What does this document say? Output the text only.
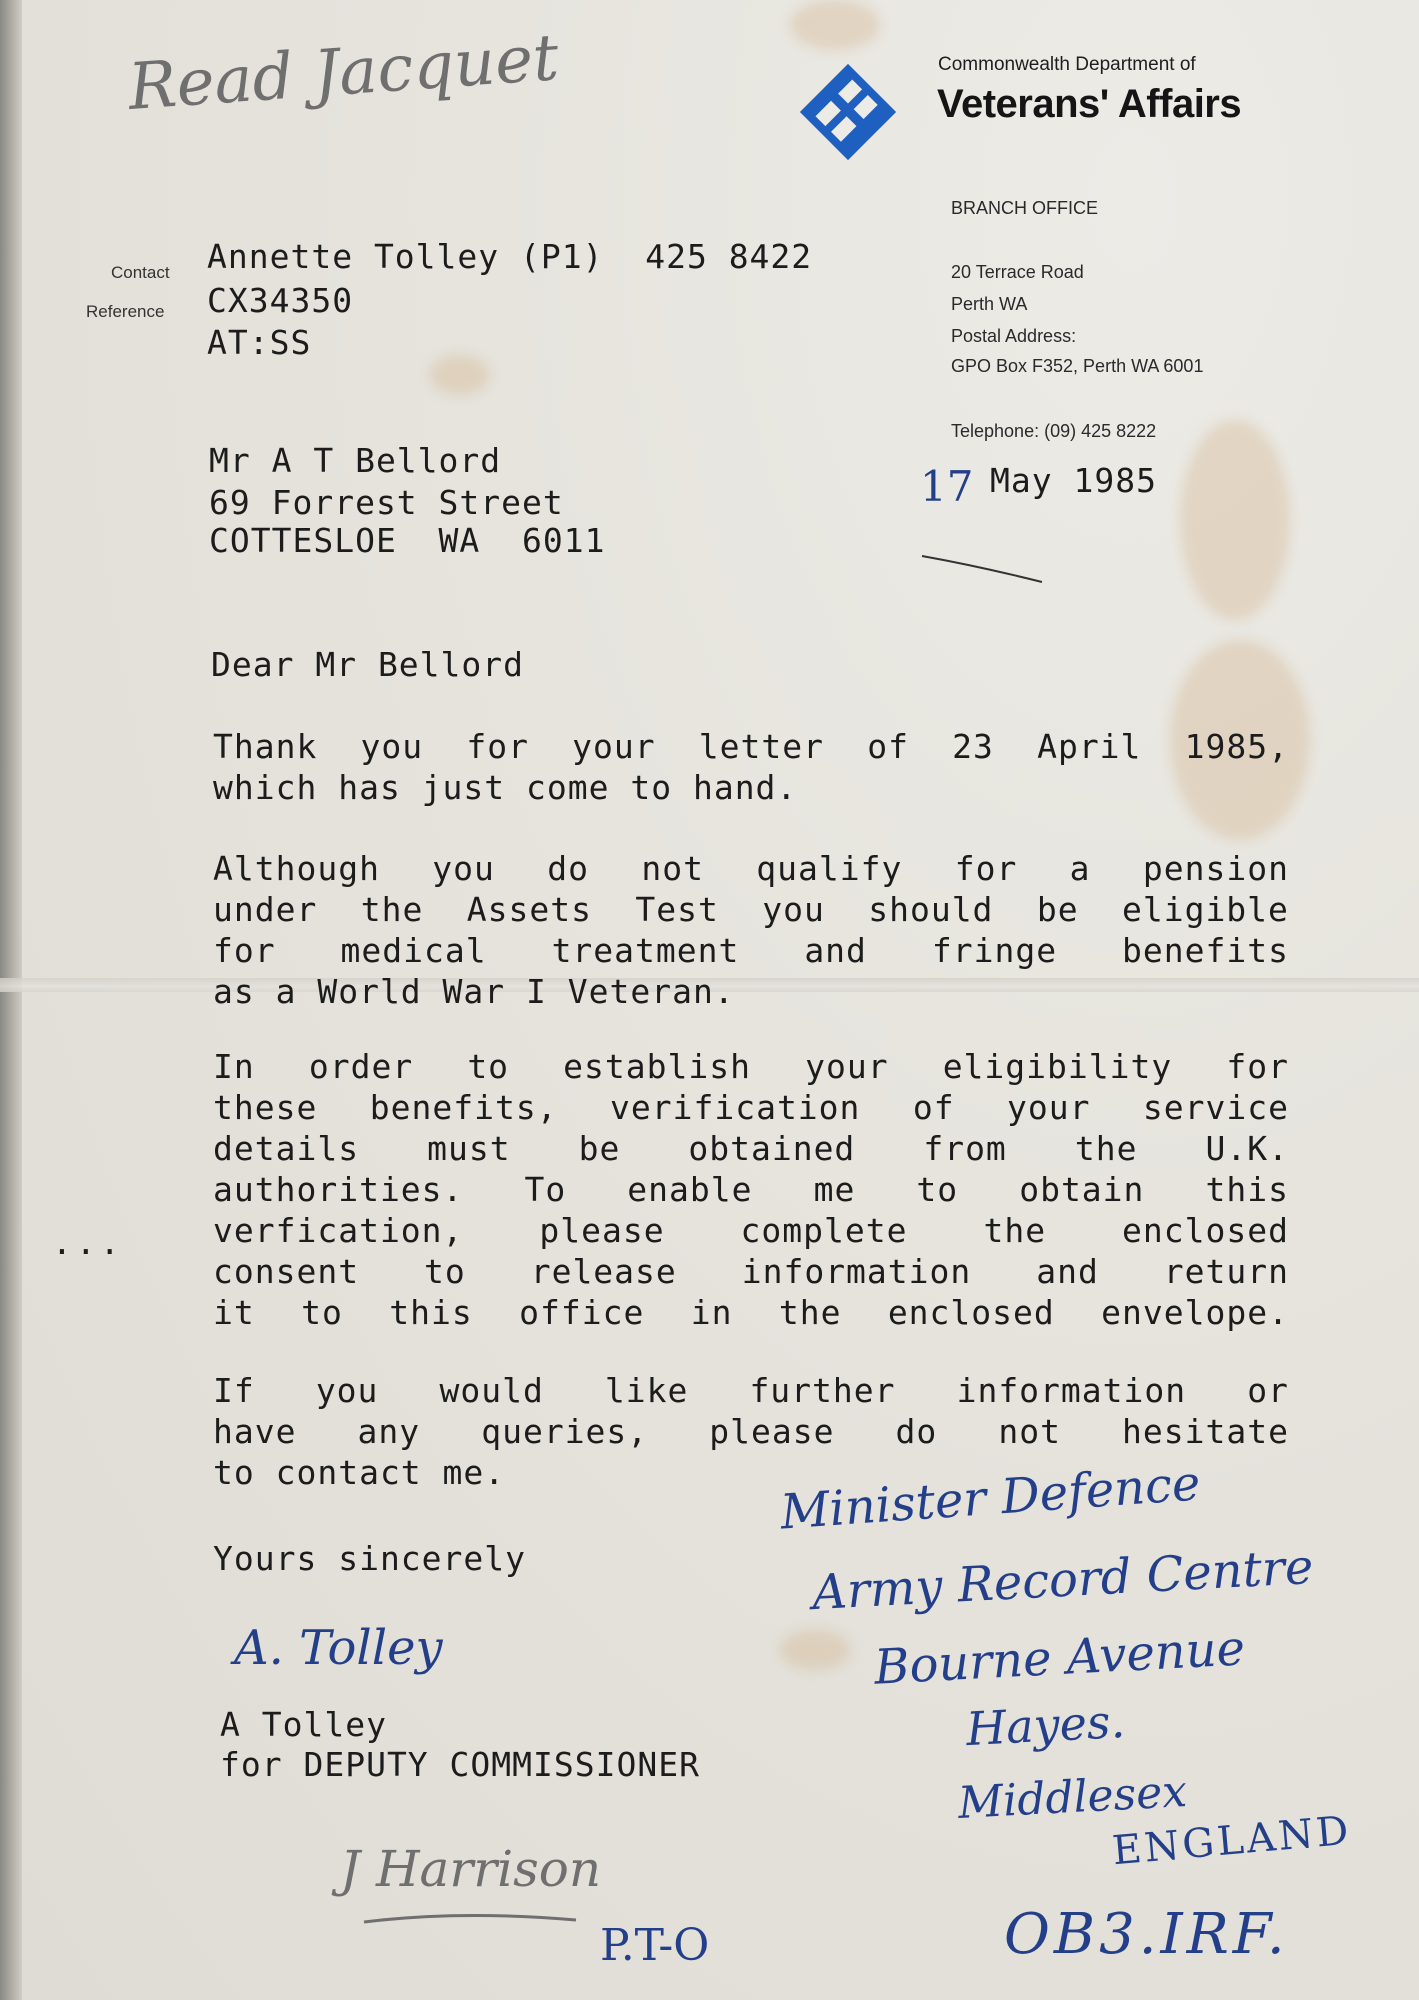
Read Jacquet	Commonwealth Department of
Veterans' Affairs
BRANCH OFFICE
20 Terrace Road
Perth WA
Postal Address:
GPO Box F352, Perth WA 6001
Telephone: (09) 425 8222
Contact
Reference
Annette Tolley (P1)  425 8422
CX34350
AT:SS
Mr A T Bellord
69 Forrest Street
COTTESLOE  WA  6011
17 May 1985
Dear Mr Bellord
Thank you for your letter of 23 April 1985,
which has just come to hand.
Although you do not qualify for a pension
under the Assets Test you should be eligible
for medical treatment and fringe benefits
as a World War I Veteran.
In order to establish your eligibility for
these benefits, verification of your service
details must be obtained from the U.K.
authorities. To enable me to obtain this
verfication, please complete the enclosed
consent to release information and return
it to this office in the enclosed envelope.
If you would like further information or
have any queries, please do not hesitate
to contact me.
...
Yours sincerely
A. Tolley
A Tolley
for DEPUTY COMMISSIONER
Minister Defence
Army Record Centre
Bourne Avenue
Hayes.
Middlesex
ENGLAND
J Harrison
P.T-O	OB3.IRF.
